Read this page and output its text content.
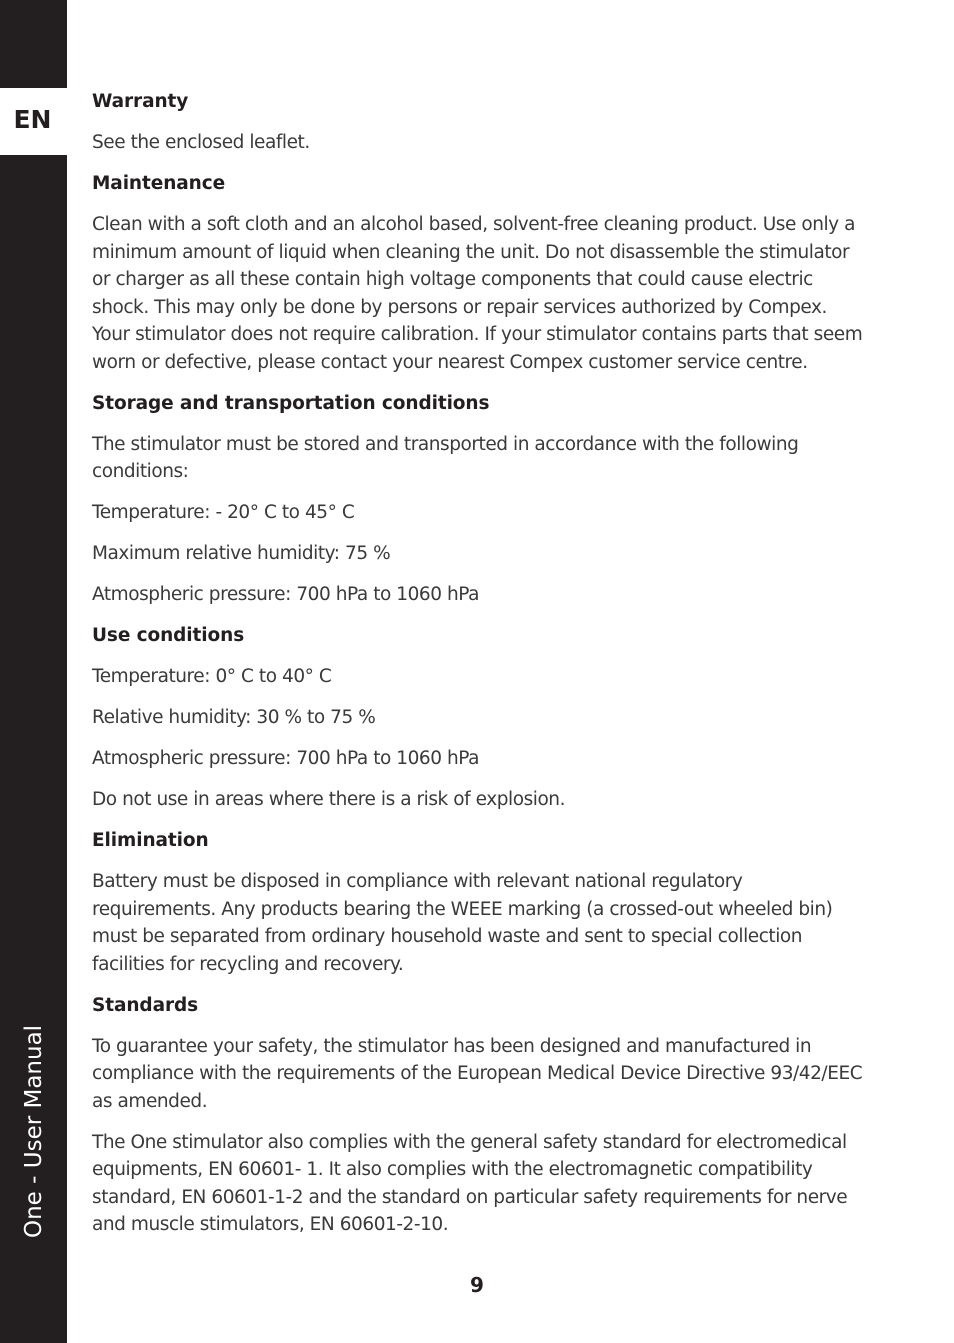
EN
One - User Manual
Warranty

See the enclosed leaflet.

Maintenance

Clean with a soft cloth and an alcohol based, solvent-free cleaning product. Use only a minimum amount of liquid when cleaning the unit. Do not disassemble the stimulator or charger as all these contain high voltage components that could cause electric shock. This may only be done by persons or repair services authorized by Compex. Your stimulator does not require calibration. If your stimulator contains parts that seem worn or defective, please contact your nearest Compex customer service centre.

Storage and transportation conditions

The stimulator must be stored and transported in accordance with the following conditions:

Temperature: - 20° C to 45° C

Maximum relative humidity: 75 %

Atmospheric pressure: 700 hPa to 1060 hPa

Use conditions

Temperature: 0° C to 40° C

Relative humidity: 30 % to 75 %

Atmospheric pressure: 700 hPa to 1060 hPa

Do not use in areas where there is a risk of explosion.

Elimination

Battery must be disposed in compliance with relevant national regulatory requirements. Any products bearing the WEEE marking (a crossed-out wheeled bin) must be separated from ordinary household waste and sent to special collection facilities for recycling and recovery.

Standards

To guarantee your safety, the stimulator has been designed and manufactured in compliance with the requirements of the European Medical Device Directive 93/42/EEC as amended.

The One stimulator also complies with the general safety standard for electromedical equipments, EN 60601- 1. It also complies with the electromagnetic compatibility standard, EN 60601-1-2 and the standard on particular safety requirements for nerve and muscle stimulators, EN 60601-2-10.

9
